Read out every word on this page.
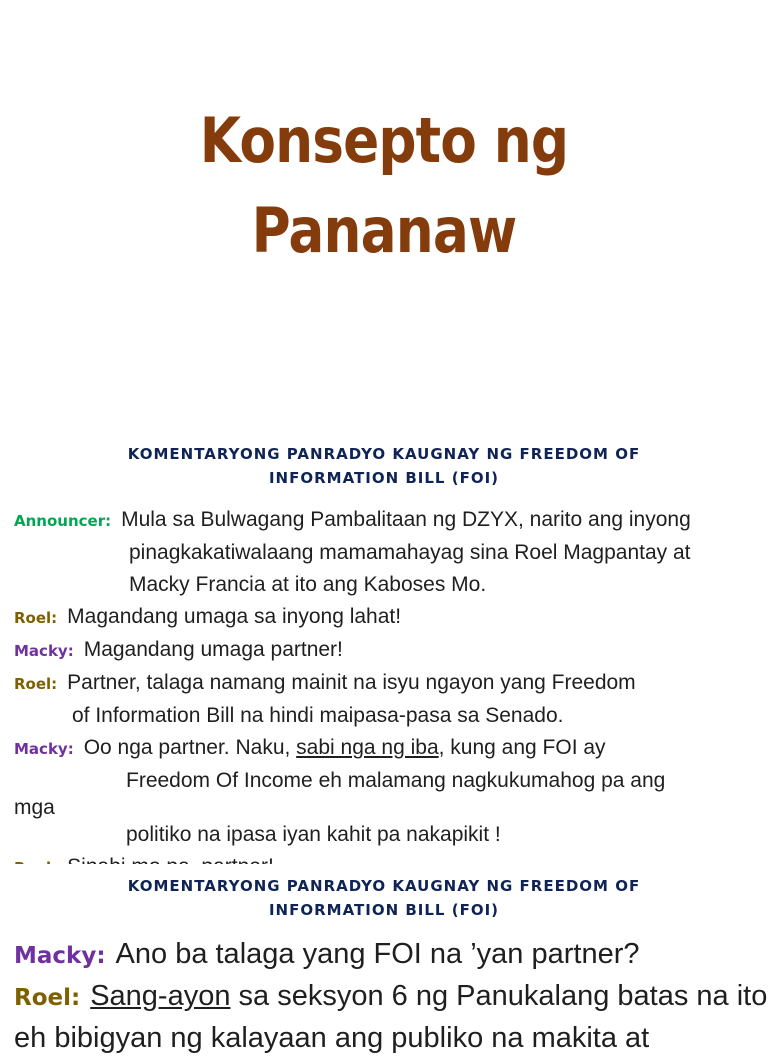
Konsepto ng
Pananaw
KOMENTARYONG PANRADYO KAUGNAY NG FREEDOM OF
INFORMATION BILL (FOI)
Announcer: Mula sa Bulwagang Pambalitaan ng DZYX, narito ang inyong
pinagkakatiwalaang mamamahayag sina Roel Magpantay at
Macky Francia at ito ang Kaboses Mo.
Roel: Magandang umaga sa inyong lahat!
Macky: Magandang umaga partner!
Roel: Partner, talaga namang mainit na isyu ngayon yang Freedom
of Information Bill na hindi maipasa-pasa sa Senado.
Macky: Oo nga partner. Naku, sabi nga ng iba, kung ang FOI ay
Freedom Of Income eh malamang nagkukumahog pa ang
mga
politiko na ipasa iyan kahit pa nakapikit !
KOMENTARYONG PANRADYO KAUGNAY NG FREEDOM OF
INFORMATION BILL (FOI)
Macky: Ano ba talaga yang FOI na ’yan partner?
Roel: Sang-ayon sa seksyon 6 ng Panukalang batas na ito
eh bibigyan ng kalayaan ang publiko na makita at
